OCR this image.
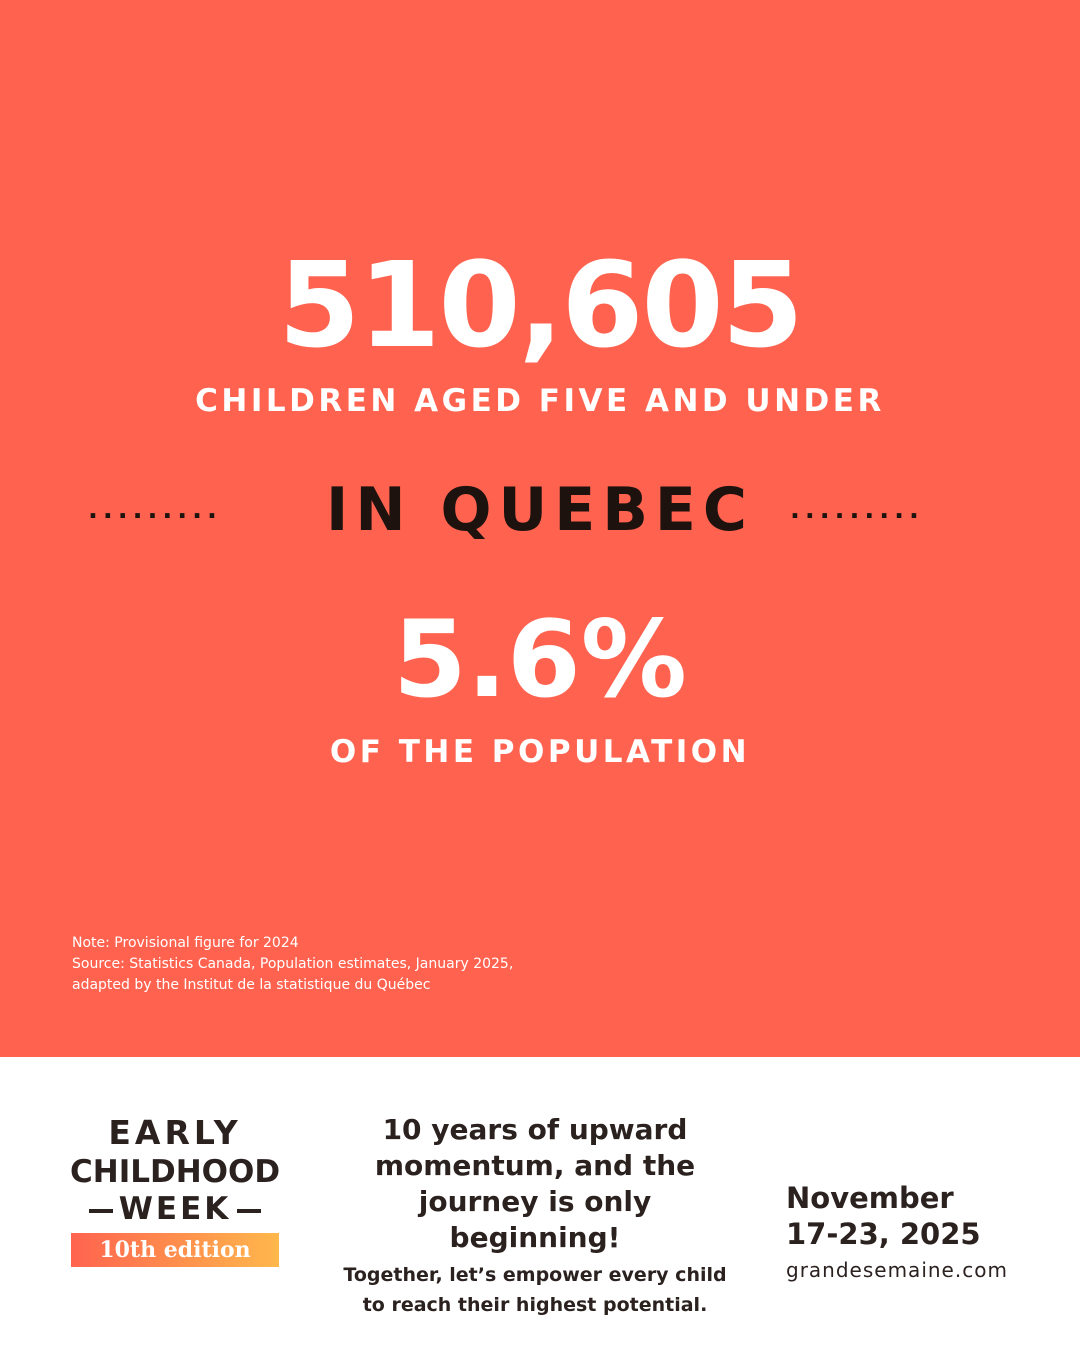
510,605
CHILDREN AGED FIVE AND UNDER
.........	IN QUEBEC	.........
5.6%
OF THE POPULATION
Note: Provisional figure for 2024
Source: Statistics Canada, Population estimates, January 2025,
adapted by the Institut de la statistique du Québec
EARLY
CHILDHOOD
WEEK
10th edition
10 years of upward
momentum, and the
journey is only beginning!
Together, let’s empower every child
to reach their highest potential.
November
17-23, 2025
grandesemaine.com
